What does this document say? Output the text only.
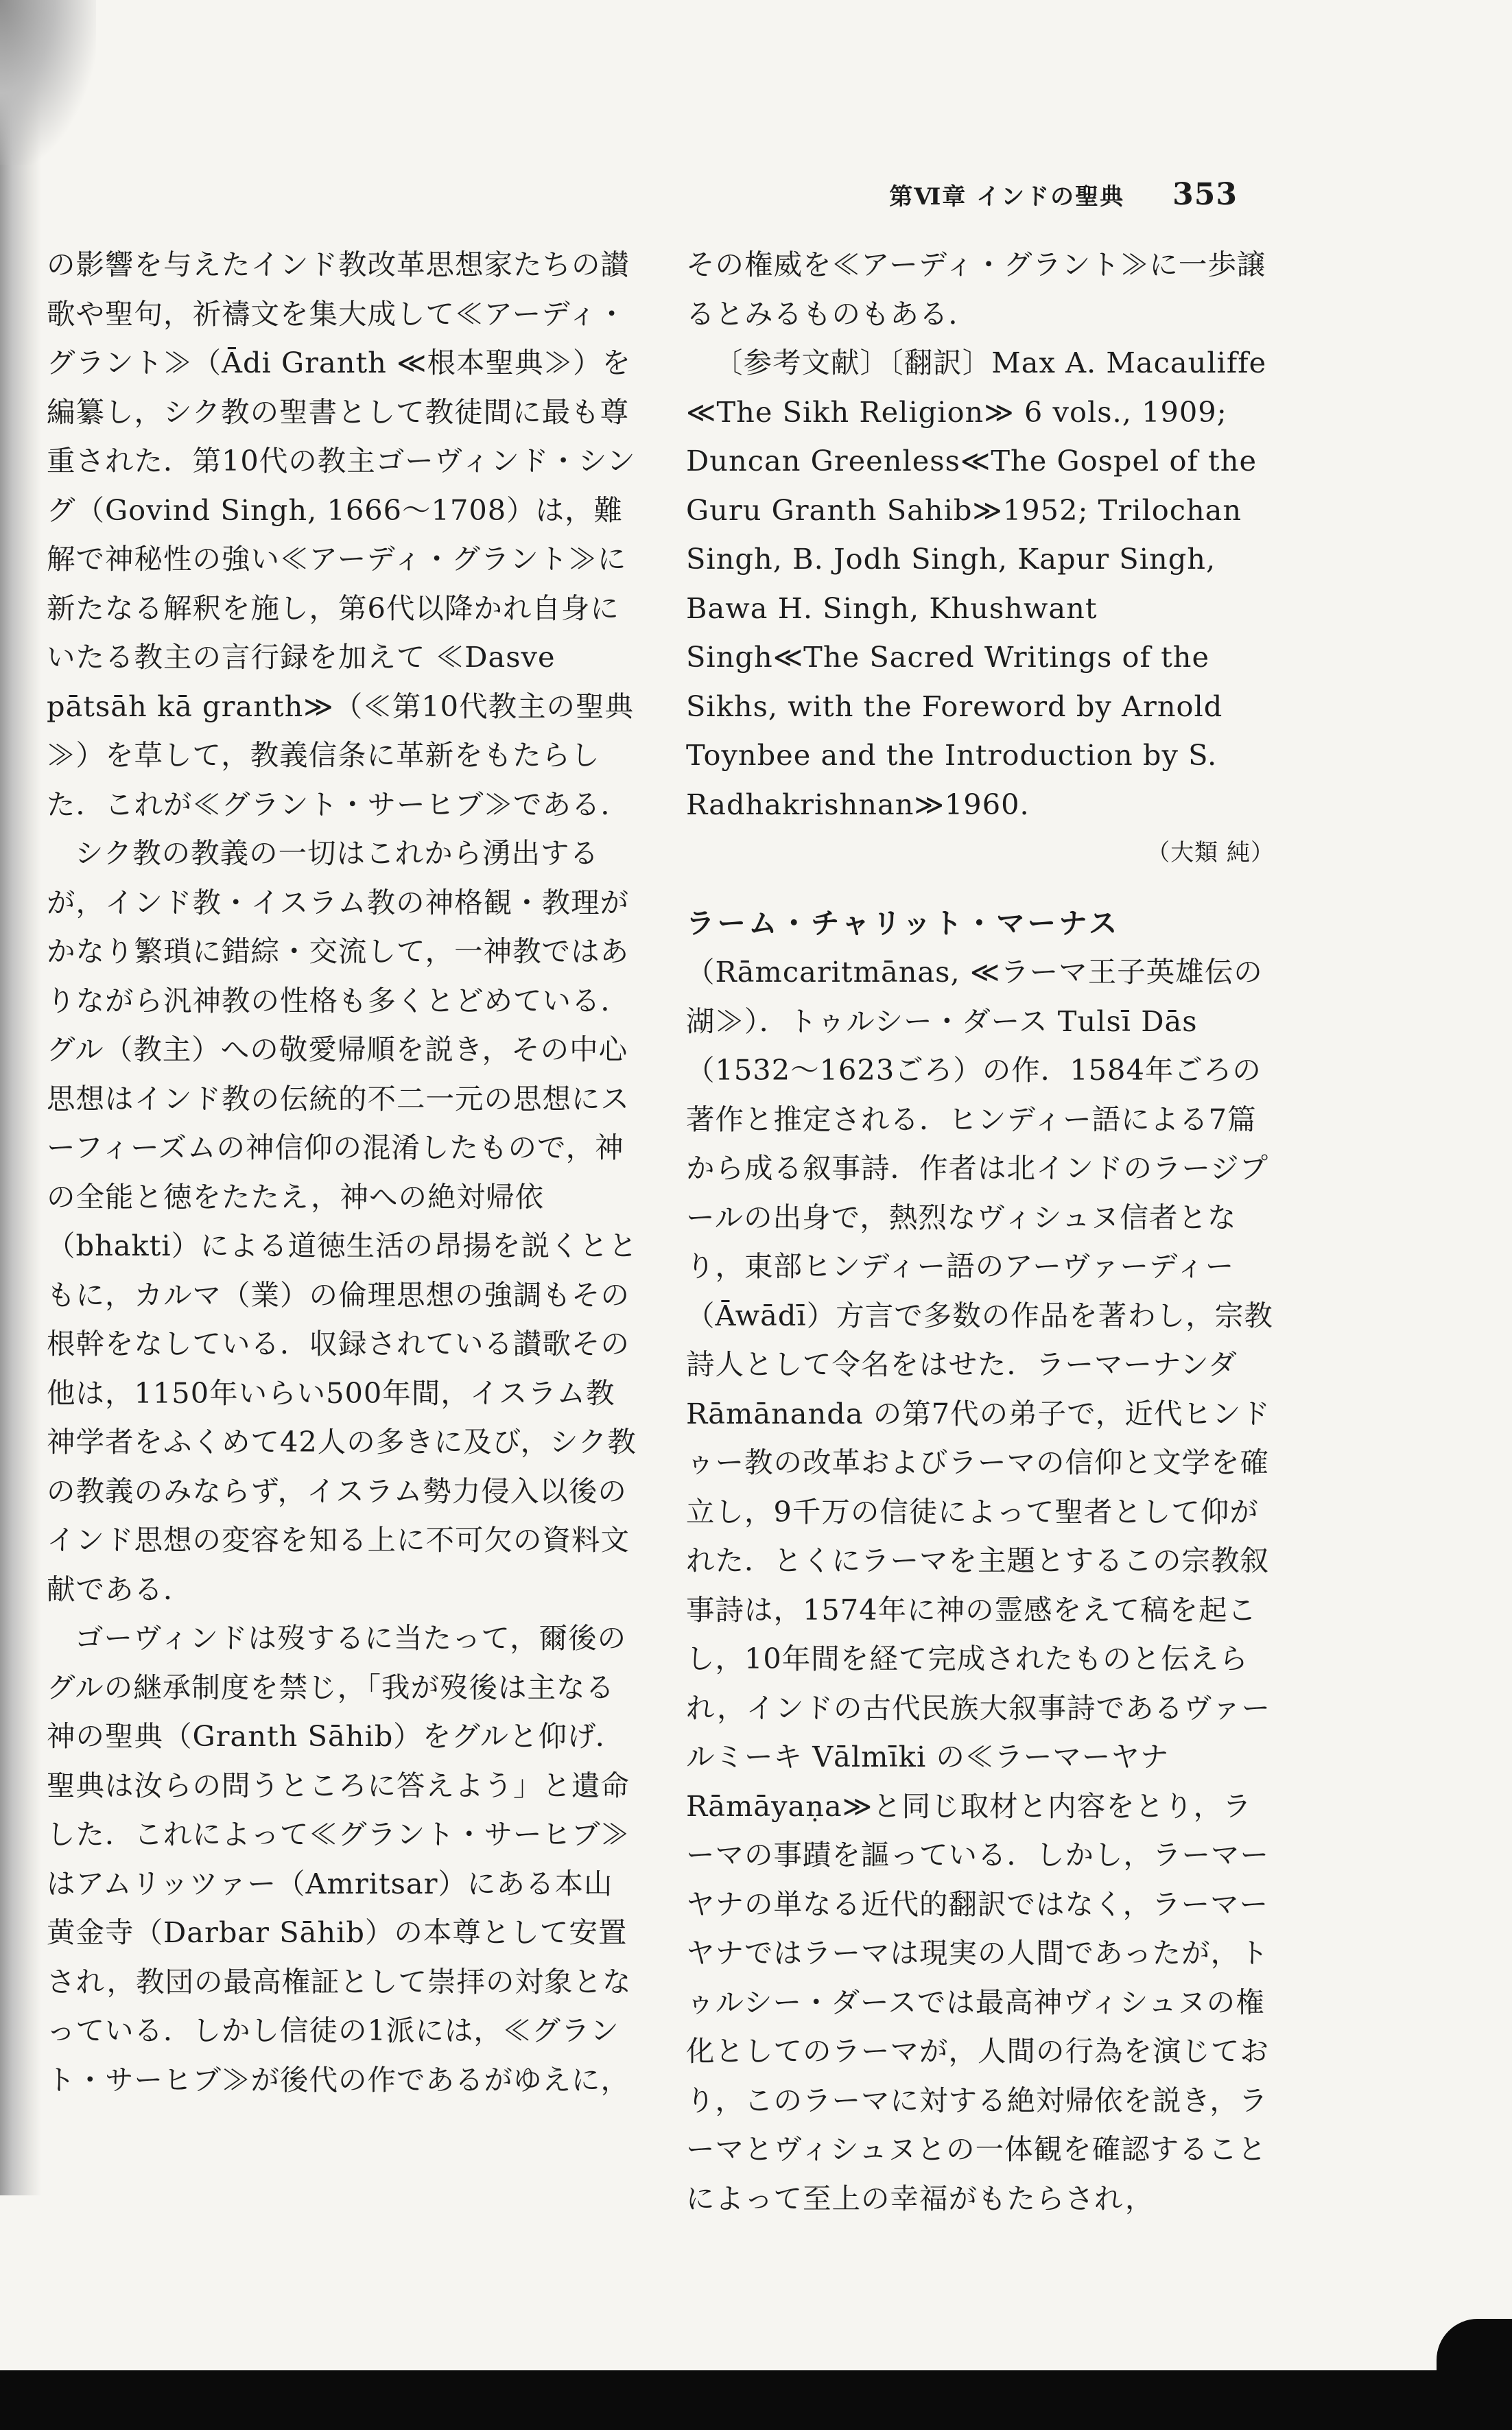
第Ⅵ章 インドの聖典 353

の影響を与えたインド教改革思想家たちの讃歌や聖句，祈禱文を集大成して≪アーディ・グラント≫（Ādi Granth ≪根本聖典≫）を編纂し，シク教の聖書として教徒間に最も尊重された．第10代の教主ゴーヴィンド・シング（Govind Singh, 1666～1708）は，難解で神秘性の強い≪アーディ・グラント≫に新たなる解釈を施し，第6代以降かれ自身にいたる教主の言行録を加えて ≪Dasve pātsāh kā granth≫（≪第10代教主の聖典≫）を草して，教義信条に革新をもたらした．これが≪グラント・サーヒブ≫である．

シク教の教義の一切はこれから湧出するが，インド教・イスラム教の神格観・教理がかなり繁瑣に錯綜・交流して，一神教ではありながら汎神教の性格も多くとどめている．グル（教主）への敬愛帰順を説き，その中心思想はインド教の伝統的不二一元の思想にスーフィーズムの神信仰の混淆したもので，神の全能と徳をたたえ，神への絶対帰依（bhakti）による道徳生活の昂揚を説くとともに，カルマ（業）の倫理思想の強調もその根幹をなしている．収録されている讃歌その他は，1150年いらい500年間，イスラム教神学者をふくめて42人の多きに及び，シク教の教義のみならず，イスラム勢力侵入以後のインド思想の変容を知る上に不可欠の資料文献である．

ゴーヴィンドは歿するに当たって，爾後のグルの継承制度を禁じ，「我が歿後は主なる神の聖典（Granth Sāhib）をグルと仰げ．聖典は汝らの問うところに答えよう」と遺命した．これによって≪グラント・サーヒブ≫はアムリッツァー（Amritsar）にある本山黄金寺（Darbar Sāhib）の本尊として安置され，教団の最高権証として崇拝の対象となっている．しかし信徒の1派には，≪グラント・サーヒブ≫が後代の作であるがゆえに，

その権威を≪アーディ・グラント≫に一歩譲るとみるものもある．

〔参考文献〕〔翻訳〕Max A. Macauliffe ≪The Sikh Religion≫ 6 vols., 1909; Duncan Greenless≪The Gospel of the Guru Granth Sahib≫1952; Trilochan Singh, B. Jodh Singh, Kapur Singh, Bawa H. Singh, Khushwant Singh≪The Sacred Writings of the Sikhs, with the Foreword by Arnold Toynbee and the Introduction by S. Radhakrishnan≫1960.

（大類 純）

ラーム・チャリット・マーナス（Rāmcaritmānas, ≪ラーマ王子英雄伝の湖≫）．トゥルシー・ダース Tulsī Dās（1532～1623ごろ）の作．1584年ごろの著作と推定される．ヒンディー語による7篇から成る叙事詩．作者は北インドのラージプールの出身で，熱烈なヴィシュヌ信者となり，東部ヒンディー語のアーヴァーディー（Āwādī）方言で多数の作品を著わし，宗教詩人として令名をはせた．ラーマーナンダ Rāmānanda の第7代の弟子で，近代ヒンドゥー教の改革およびラーマの信仰と文学を確立し，9千万の信徒によって聖者として仰がれた．とくにラーマを主題とするこの宗教叙事詩は，1574年に神の霊感をえて稿を起こし，10年間を経て完成されたものと伝えられ，インドの古代民族大叙事詩であるヴァールミーキ Vālmīki の≪ラーマーヤナ Rāmāyaṇa≫と同じ取材と内容をとり，ラーマの事蹟を謳っている．しかし，ラーマーヤナの単なる近代的翻訳ではなく，ラーマーヤナではラーマは現実の人間であったが，トゥルシー・ダースでは最高神ヴィシュヌの権化としてのラーマが，人間の行為を演じており，このラーマに対する絶対帰依を説き，ラーマとヴィシュヌとの一体観を確認することによって至上の幸福がもたらされ，
